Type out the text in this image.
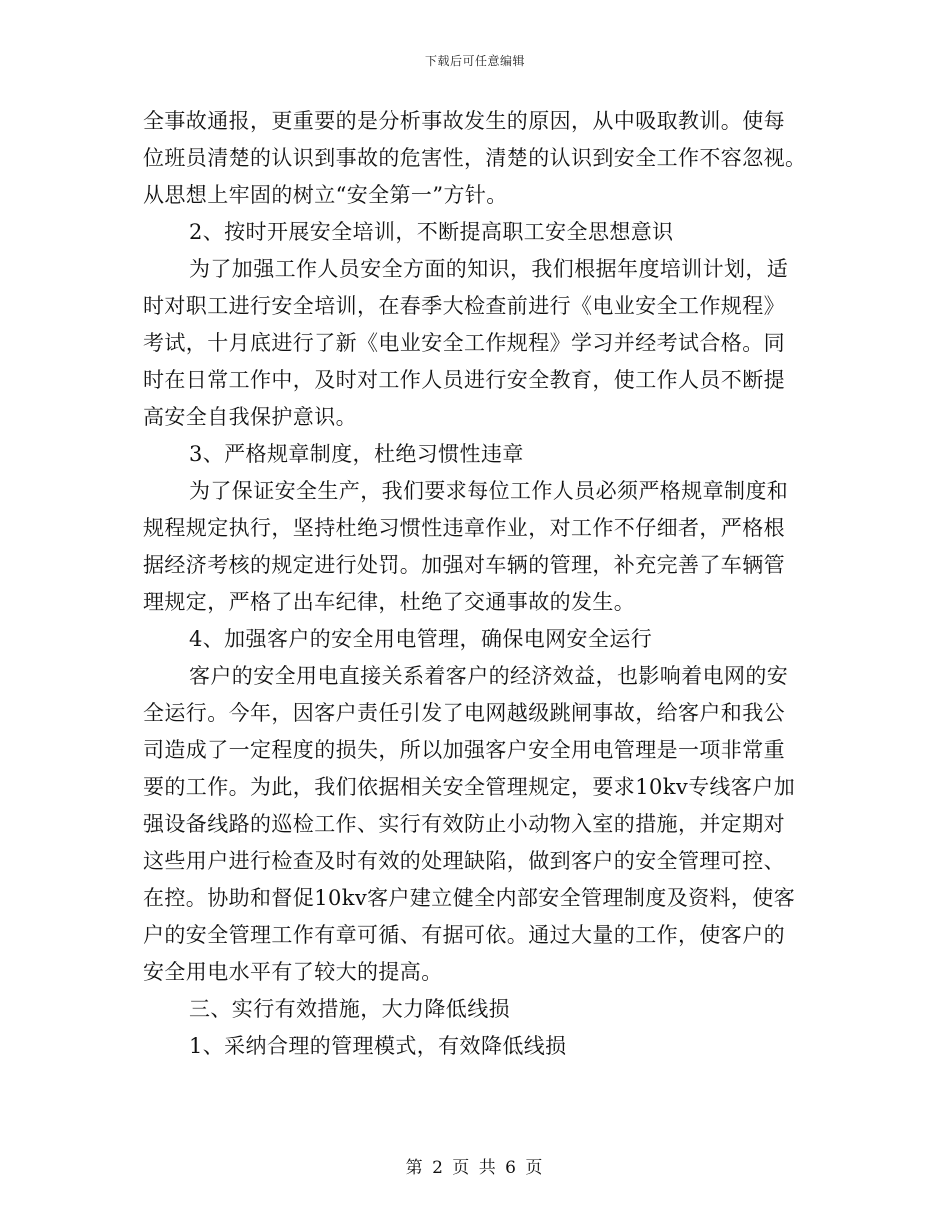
下载后可任意编辑
全事故通报，更重要的是分析事故发生的原因，从中吸取教训。使每
位班员清楚的认识到事故的危害性，清楚的认识到安全工作不容忽视。
从思想上牢固的树立“安全第一”方针。
2、按时开展安全培训，不断提高职工安全思想意识
为了加强工作人员安全方面的知识，我们根据年度培训计划，适
时对职工进行安全培训，在春季大检查前进行《电业安全工作规程》
考试，十月底进行了新《电业安全工作规程》学习并经考试合格。同
时在日常工作中，及时对工作人员进行安全教育，使工作人员不断提
高安全自我保护意识。
3、严格规章制度，杜绝习惯性违章
为了保证安全生产，我们要求每位工作人员必须严格规章制度和
规程规定执行，坚持杜绝习惯性违章作业，对工作不仔细者，严格根
据经济考核的规定进行处罚。加强对车辆的管理，补充完善了车辆管
理规定，严格了出车纪律，杜绝了交通事故的发生。
4、加强客户的安全用电管理，确保电网安全运行
客户的安全用电直接关系着客户的经济效益，也影响着电网的安
全运行。今年，因客户责任引发了电网越级跳闸事故，给客户和我公
司造成了一定程度的损失，所以加强客户安全用电管理是一项非常重
要的工作。为此，我们依据相关安全管理规定，要求10kv专线客户加
强设备线路的巡检工作、实行有效防止小动物入室的措施，并定期对
这些用户进行检查及时有效的处理缺陷，做到客户的安全管理可控、
在控。协助和督促10kv客户建立健全内部安全管理制度及资料，使客
户的安全管理工作有章可循、有据可依。通过大量的工作，使客户的
安全用电水平有了较大的提高。
三、实行有效措施，大力降低线损
1、采纳合理的管理模式，有效降低线损
第 2 页 共 6 页
